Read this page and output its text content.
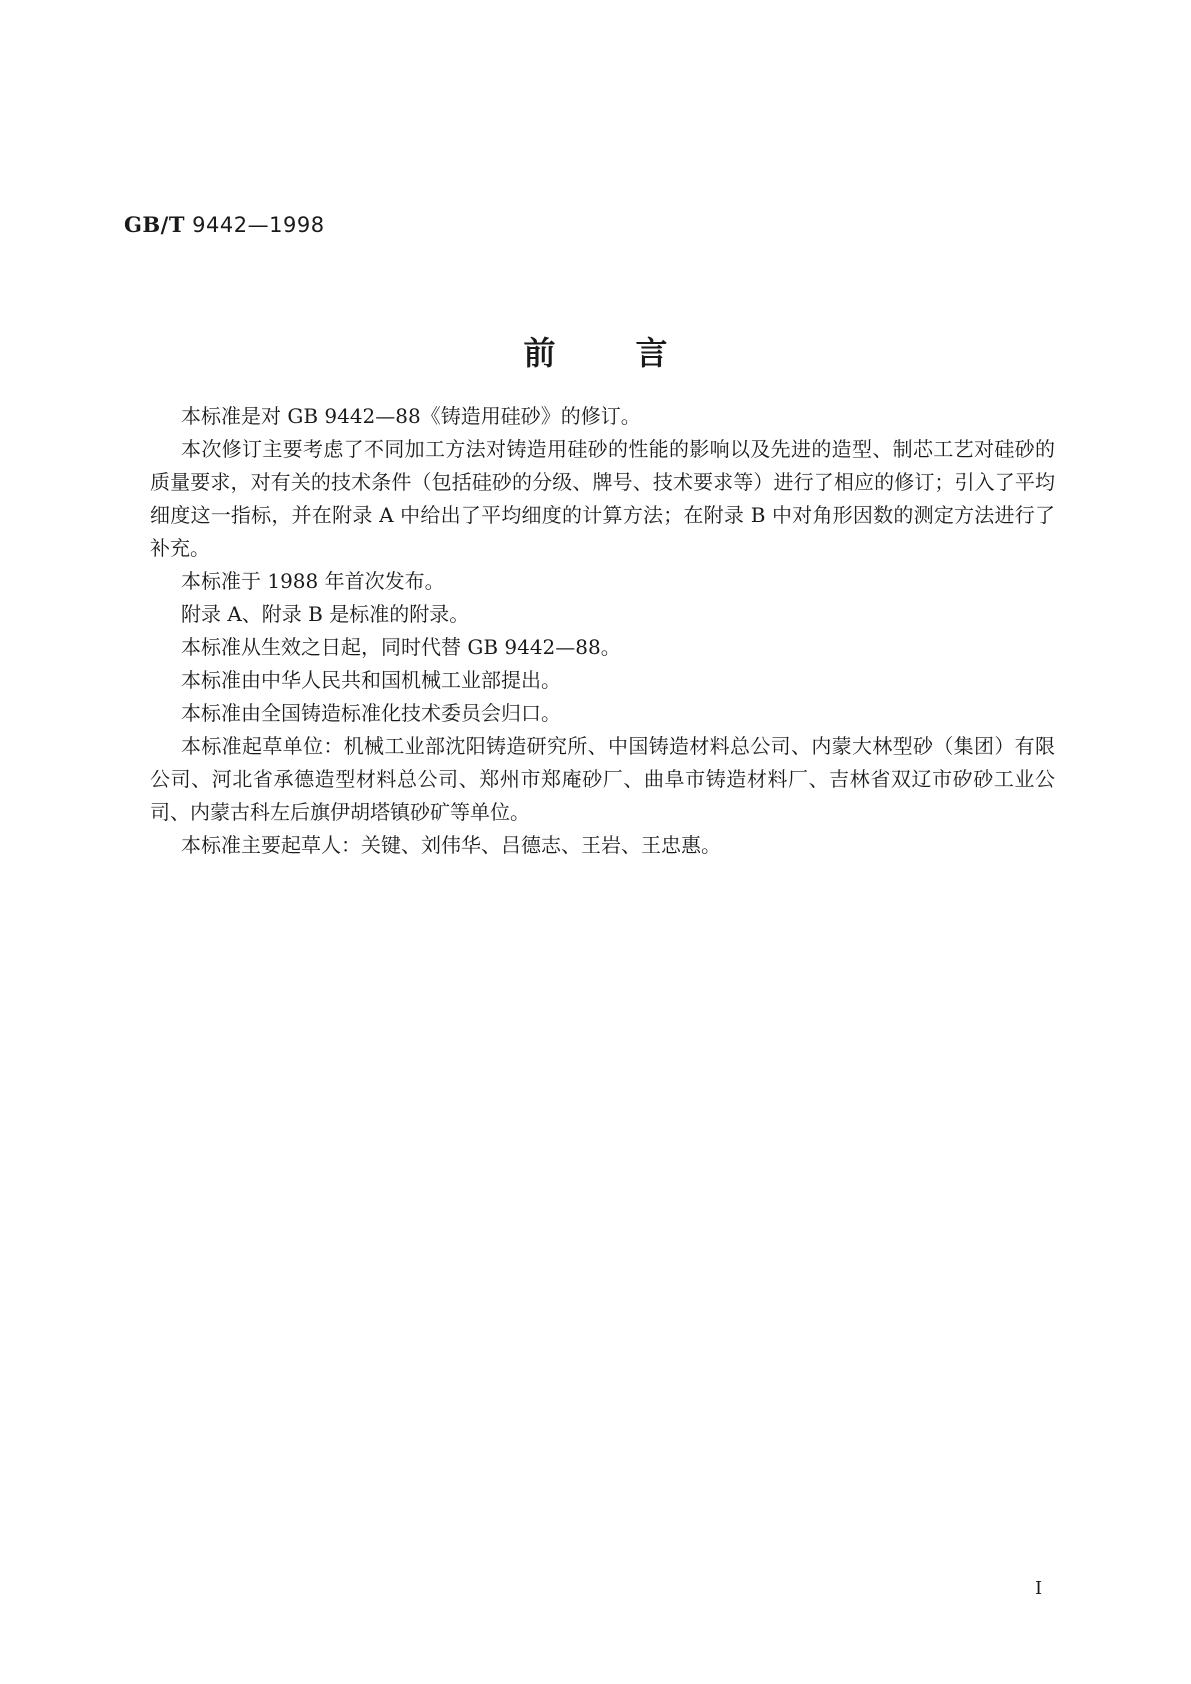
GB/T 9442—1998
前言

本标准是对 GB 9442—88《铸造用硅砂》的修订。

本次修订主要考虑了不同加工方法对铸造用硅砂的性能的影响以及先进的造型、制芯工艺对硅砂的质量要求，对有关的技术条件（包括硅砂的分级、牌号、技术要求等）进行了相应的修订；引入了平均细度这一指标，并在附录 A 中给出了平均细度的计算方法；在附录 B 中对角形因数的测定方法进行了补充。

本标准于 1988 年首次发布。

附录 A、附录 B 是标准的附录。

本标准从生效之日起，同时代替 GB 9442—88。

本标准由中华人民共和国机械工业部提出。

本标准由全国铸造标准化技术委员会归口。

本标准起草单位：机械工业部沈阳铸造研究所、中国铸造材料总公司、内蒙大林型砂（集团）有限公司、河北省承德造型材料总公司、郑州市郑庵砂厂、曲阜市铸造材料厂、吉林省双辽市矽砂工业公司、内蒙古科左后旗伊胡塔镇砂矿等单位。

本标准主要起草人：关键、刘伟华、吕德志、王岩、王忠惠。

I
